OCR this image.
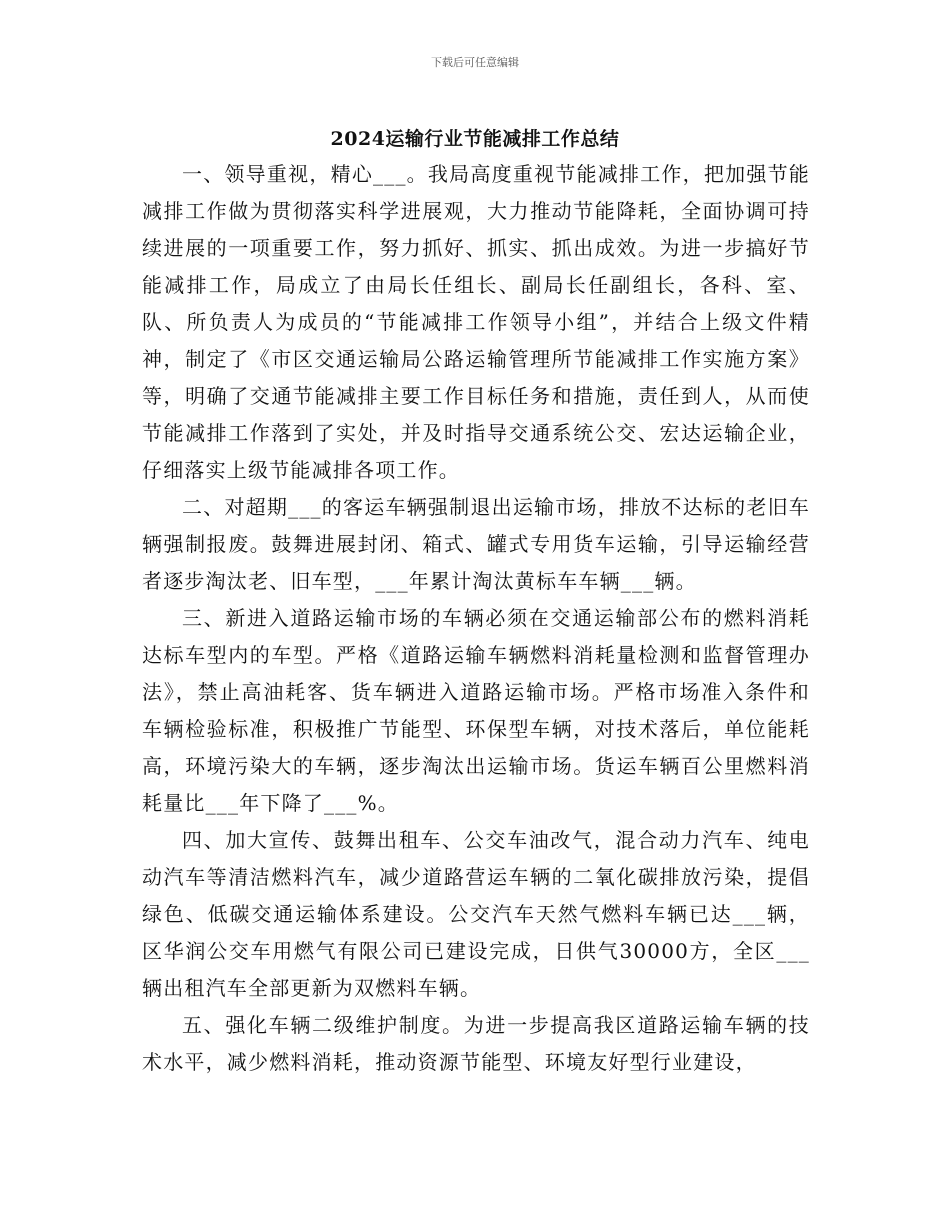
下载后可任意编辑
2024运输行业节能减排工作总结

一、领导重视，精心___。我局高度重视节能减排工作，把加强节能减排工作做为贯彻落实科学进展观，大力推动节能降耗，全面协调可持续进展的一项重要工作，努力抓好、抓实、抓出成效。为进一步搞好节能减排工作，局成立了由局长任组长、副局长任副组长，各科、室、队、所负责人为成员的“节能减排工作领导小组”，并结合上级文件精神，制定了《市区交通运输局公路运输管理所节能减排工作实施方案》等，明确了交通节能减排主要工作目标任务和措施，责任到人，从而使节能减排工作落到了实处，并及时指导交通系统公交、宏达运输企业，仔细落实上级节能减排各项工作。

二、对超期___的客运车辆强制退出运输市场，排放不达标的老旧车辆强制报废。鼓舞进展封闭、箱式、罐式专用货车运输，引导运输经营者逐步淘汰老、旧车型，___年累计淘汰黄标车车辆___辆。

三、新进入道路运输市场的车辆必须在交通运输部公布的燃料消耗达标车型内的车型。严格《道路运输车辆燃料消耗量检测和监督管理办法》，禁止高油耗客、货车辆进入道路运输市场。严格市场准入条件和车辆检验标准，积极推广节能型、环保型车辆，对技术落后，单位能耗高，环境污染大的车辆，逐步淘汰出运输市场。货运车辆百公里燃料消耗量比___年下降了___%。

四、加大宣传、鼓舞出租车、公交车油改气，混合动力汽车、纯电动汽车等清洁燃料汽车，减少道路营运车辆的二氧化碳排放污染，提倡绿色、低碳交通运输体系建设。公交汽车天然气燃料车辆已达___辆，区华润公交车用燃气有限公司已建设完成，日供气30000方，全区___辆出租汽车全部更新为双燃料车辆。

五、强化车辆二级维护制度。为进一步提高我区道路运输车辆的技术水平，减少燃料消耗，推动资源节能型、环境友好型行业建设，
